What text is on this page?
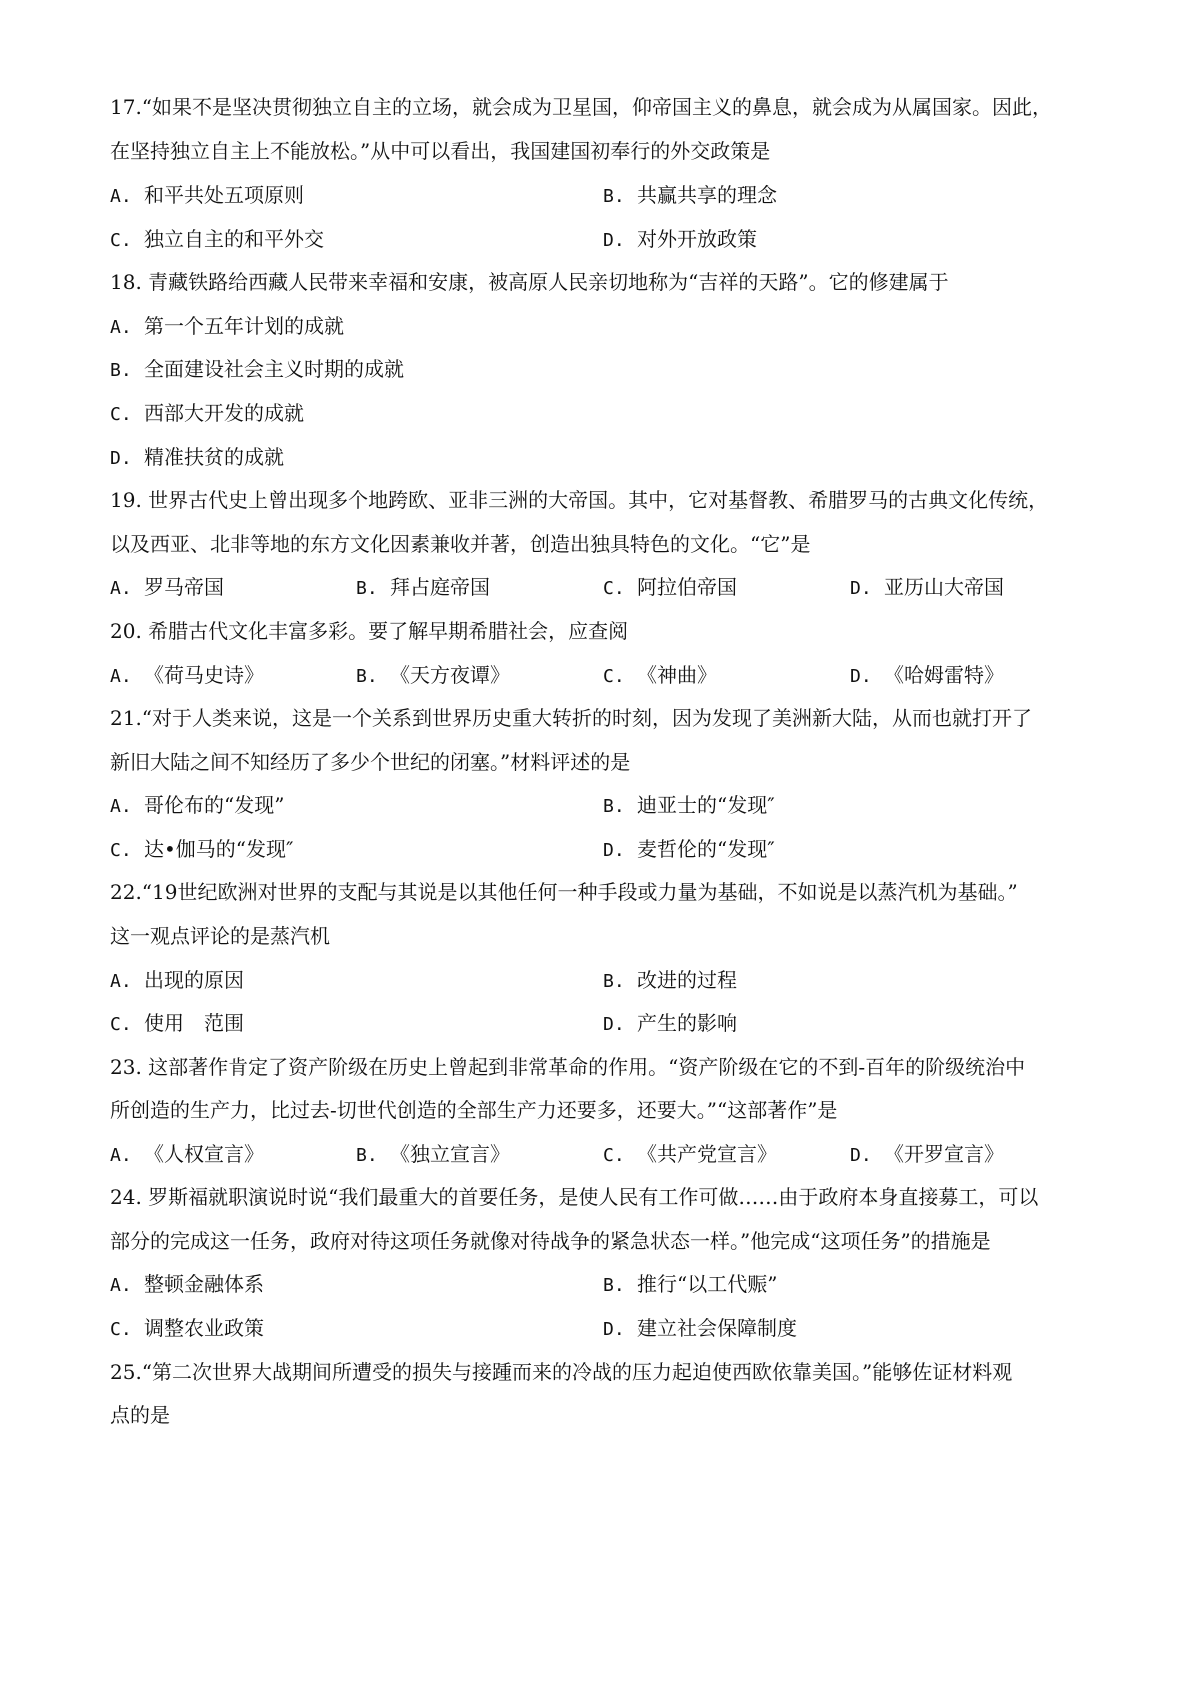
17.“如果不是坚决贯彻独立自主的立场，就会成为卫星国，仰帝国主义的鼻息，就会成为从属国家。因此，
在坚持独立自主上不能放松。”从中可以看出，我国建国初奉行的外交政策是
A. 和平共处五项原则	B. 共赢共享的理念
C. 独立自主的和平外交	D. 对外开放政策
18. 青藏铁路给西藏人民带来幸福和安康，被高原人民亲切地称为“吉祥的天路”。它的修建属于
A. 第一个五年计划的成就
B. 全面建设社会主义时期的成就
C. 西部大开发的成就
D. 精准扶贫的成就
19. 世界古代史上曾出现多个地跨欧、亚非三洲的大帝国。其中，它对基督教、希腊罗马的古典文化传统，
以及西亚、北非等地的东方文化因素兼收并著，创造出独具特色的文化。“它”是
A. 罗马帝国	B. 拜占庭帝国	C. 阿拉伯帝国	D. 亚历山大帝国
20. 希腊古代文化丰富多彩。要了解早期希腊社会，应查阅
A. 《荷马史诗》	B. 《天方夜谭》	C. 《神曲》	D. 《哈姆雷特》
21.“对于人类来说，这是一个关系到世界历史重大转折的时刻，因为发现了美洲新大陆，从而也就打开了
新旧大陆之间不知经历了多少个世纪的闭塞。”材料评述的是
A. 哥伦布的“发现”	B. 迪亚士的“发现″
C. 达•伽马的“发现″	D. 麦哲伦的“发现″
22.“19世纪欧洲对世界的支配与其说是以其他任何一种手段或力量为基础，不如说是以蒸汽机为基础。”
这一观点评论的是蒸汽机
A. 出现的原因	B. 改进的过程
C. 使用　范围	D. 产生的影响
23. 这部著作肯定了资产阶级在历史上曾起到非常革命的作用。“资产阶级在它的不到-百年的阶级统治中
所创造的生产力，比过去-切世代创造的全部生产力还要多，还要大。”“这部著作”是
A. 《人权宣言》	B. 《独立宣言》	C. 《共产党宣言》	D. 《开罗宣言》
24. 罗斯福就职演说时说“我们最重大的首要任务，是使人民有工作可做……由于政府本身直接募工，可以
部分的完成这一任务，政府对待这项任务就像对待战争的紧急状态一样。”他完成“这项任务”的措施是
A. 整顿金融体系	B. 推行“以工代赈”
C. 调整农业政策	D. 建立社会保障制度
25.“第二次世界大战期间所遭受的损失与接踵而来的冷战的压力起迫使西欧依靠美国。”能够佐证材料观
点的是
